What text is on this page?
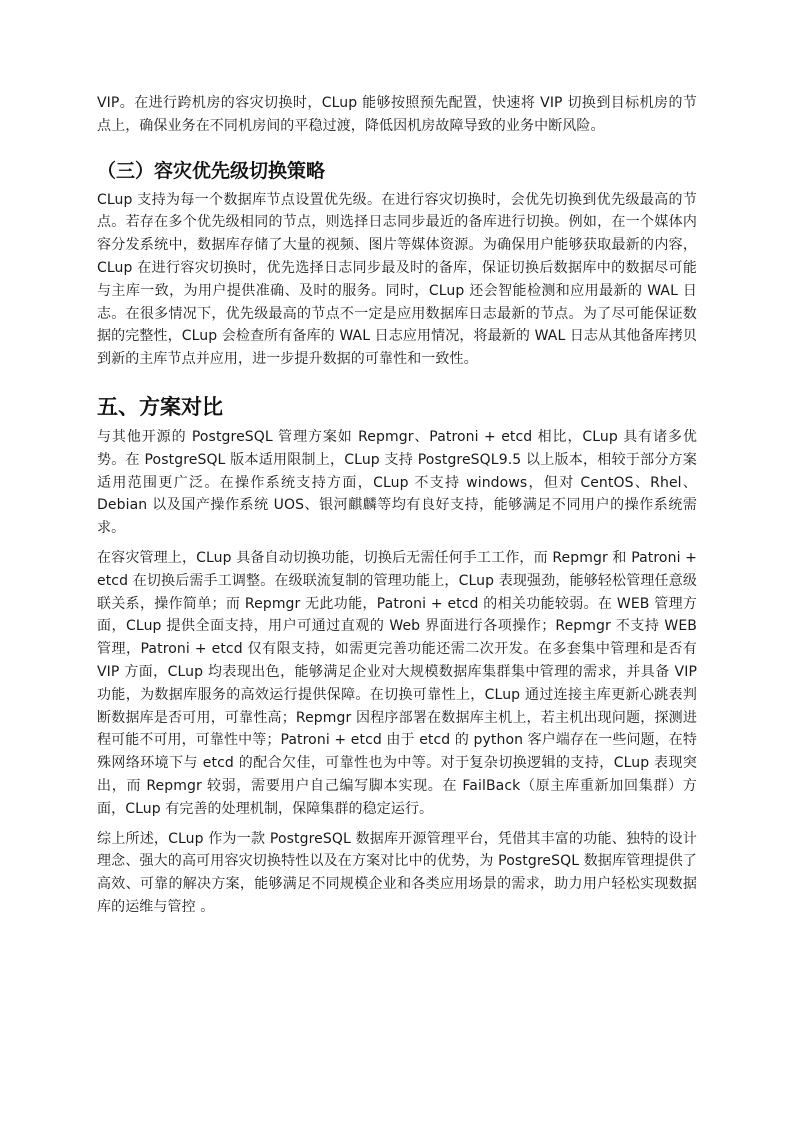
VIP。在进行跨机房的容灾切换时，CLup 能够按照预先配置，快速将 VIP 切换到目标机房的节点上，确保业务在不同机房间的平稳过渡，降低因机房故障导致的业务中断风险。

（三）容灾优先级切换策略

CLup 支持为每一个数据库节点设置优先级。在进行容灾切换时，会优先切换到优先级最高的节点。若存在多个优先级相同的节点，则选择日志同步最近的备库进行切换。例如，在一个媒体内容分发系统中，数据库存储了大量的视频、图片等媒体资源。为确保用户能够获取最新的内容，CLup 在进行容灾切换时，优先选择日志同步最及时的备库，保证切换后数据库中的数据尽可能与主库一致，为用户提供准确、及时的服务。同时，CLup 还会智能检测和应用最新的 WAL 日志。在很多情况下，优先级最高的节点不一定是应用数据库日志最新的节点。为了尽可能保证数据的完整性，CLup 会检查所有备库的 WAL 日志应用情况，将最新的 WAL 日志从其他备库拷贝到新的主库节点并应用，进一步提升数据的可靠性和一致性。

五、方案对比

与其他开源的 PostgreSQL 管理方案如 Repmgr、Patroni + etcd 相比，CLup 具有诸多优势。在 PostgreSQL 版本适用限制上，CLup 支持 PostgreSQL9.5 以上版本，相较于部分方案适用范围更广泛。在操作系统支持方面，CLup 不支持 windows，但对 CentOS、Rhel、Debian 以及国产操作系统 UOS、银河麒麟等均有良好支持，能够满足不同用户的操作系统需求。

在容灾管理上，CLup 具备自动切换功能，切换后无需任何手工工作，而 Repmgr 和 Patroni + etcd 在切换后需手工调整。在级联流复制的管理功能上，CLup 表现强劲，能够轻松管理任意级联关系，操作简单；而 Repmgr 无此功能，Patroni + etcd 的相关功能较弱。在 WEB 管理方面，CLup 提供全面支持，用户可通过直观的 Web 界面进行各项操作；Repmgr 不支持 WEB 管理，Patroni + etcd 仅有限支持，如需更完善功能还需二次开发。在多套集中管理和是否有 VIP 方面，CLup 均表现出色，能够满足企业对大规模数据库集群集中管理的需求，并具备 VIP 功能，为数据库服务的高效运行提供保障。在切换可靠性上，CLup 通过连接主库更新心跳表判断数据库是否可用，可靠性高；Repmgr 因程序部署在数据库主机上，若主机出现问题，探测进程可能不可用，可靠性中等；Patroni + etcd 由于 etcd 的 python 客户端存在一些问题，在特殊网络环境下与 etcd 的配合欠佳，可靠性也为中等。对于复杂切换逻辑的支持，CLup 表现突出，而 Repmgr 较弱，需要用户自己编写脚本实现。在 FailBack（原主库重新加回集群）方面，CLup 有完善的处理机制，保障集群的稳定运行。

综上所述，CLup 作为一款 PostgreSQL 数据库开源管理平台，凭借其丰富的功能、独特的设计理念、强大的高可用容灾切换特性以及在方案对比中的优势，为 PostgreSQL 数据库管理提供了高效、可靠的解决方案，能够满足不同规模企业和各类应用场景的需求，助力用户轻松实现数据库的运维与管控 。
